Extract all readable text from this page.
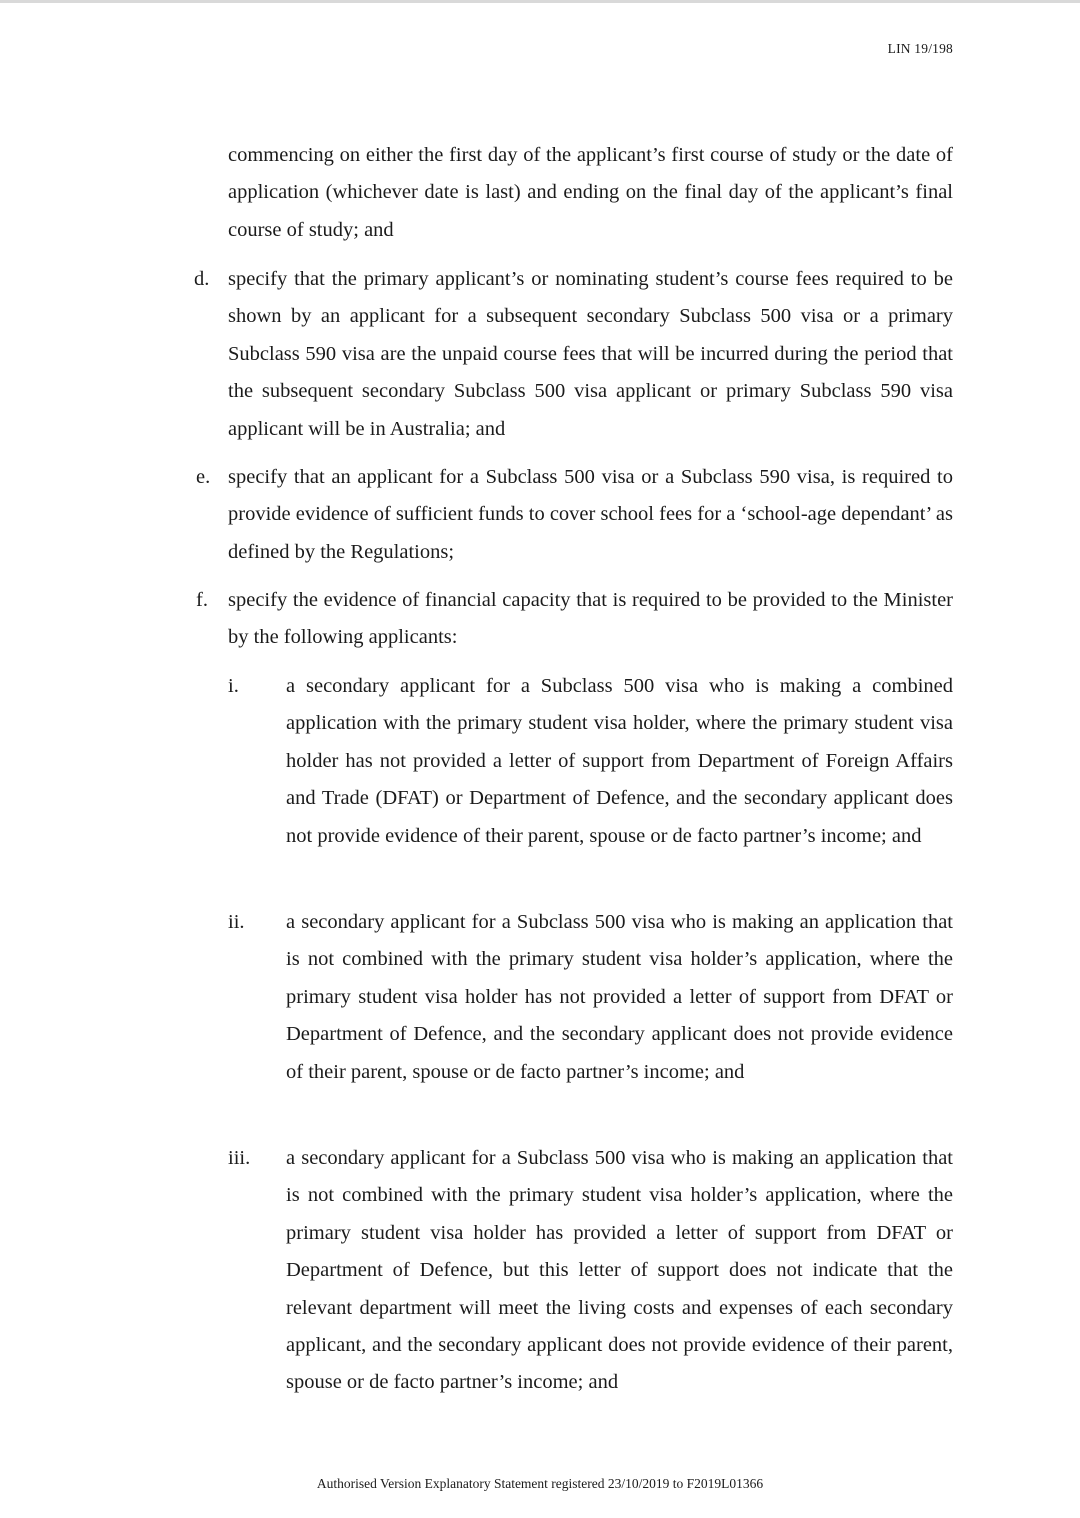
LIN 19/198
commencing on either the first day of the applicant’s first course of study or the date of application (whichever date is last) and ending on the final day of the applicant’s final course of study; and
d. specify that the primary applicant’s or nominating student’s course fees required to be shown by an applicant for a subsequent secondary Subclass 500 visa or a primary Subclass 590 visa are the unpaid course fees that will be incurred during the period that the subsequent secondary Subclass 500 visa applicant or primary Subclass 590 visa applicant will be in Australia; and
e. specify that an applicant for a Subclass 500 visa or a Subclass 590 visa, is required to provide evidence of sufficient funds to cover school fees for a ‘school-age dependant’ as defined by the Regulations;
f. specify the evidence of financial capacity that is required to be provided to the Minister by the following applicants:
i. a secondary applicant for a Subclass 500 visa who is making a combined application with the primary student visa holder, where the primary student visa holder has not provided a letter of support from Department of Foreign Affairs and Trade (DFAT) or Department of Defence, and the secondary applicant does not provide evidence of their parent, spouse or de facto partner’s income; and
ii. a secondary applicant for a Subclass 500 visa who is making an application that is not combined with the primary student visa holder’s application, where the primary student visa holder has not provided a letter of support from DFAT or Department of Defence, and the secondary applicant does not provide evidence of their parent, spouse or de facto partner’s income; and
iii. a secondary applicant for a Subclass 500 visa who is making an application that is not combined with the primary student visa holder’s application, where the primary student visa holder has provided a letter of support from DFAT or Department of Defence, but this letter of support does not indicate that the relevant department will meet the living costs and expenses of each secondary applicant, and the secondary applicant does not provide evidence of their parent, spouse or de facto partner’s income; and
Authorised Version Explanatory Statement registered 23/10/2019 to F2019L01366
